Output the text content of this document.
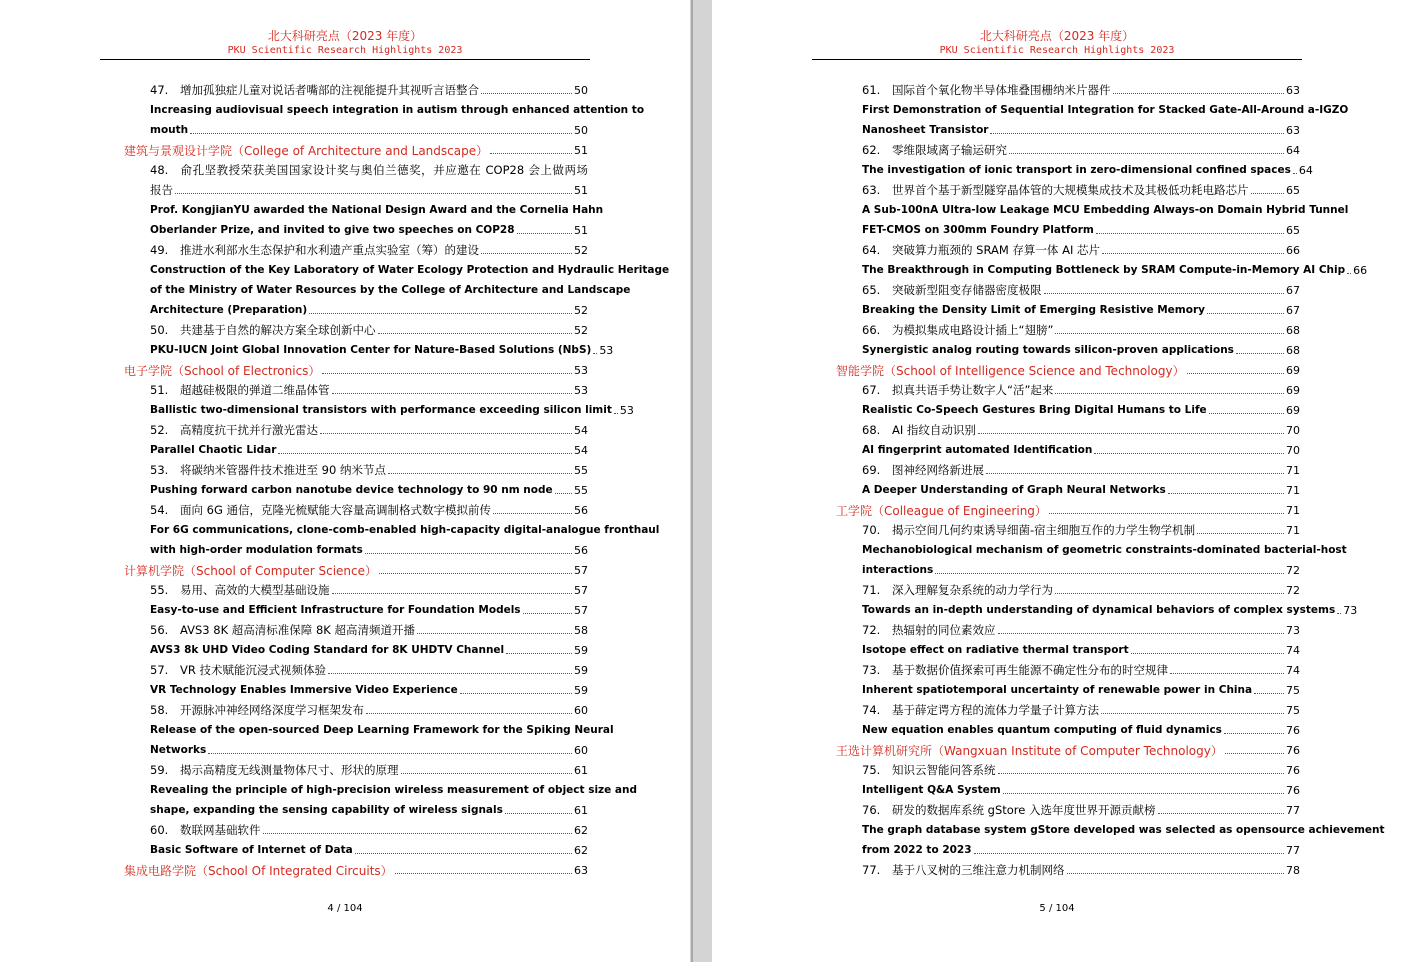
北大科研亮点（2023 年度）
PKU Scientific Research Highlights 2023
47. 增加孤独症儿童对说话者嘴部的注视能提升其视听言语整合	50
Increasing audiovisual speech integration in autism through enhanced attention to
mouth	50
建筑与景观设计学院（College of Architecture and Landscape）	51
48. 俞孔坚教授荣获美国国家设计奖与奥伯兰德奖，并应邀在 COP28 会上做两场
报告	51
Prof. KongjianYU awarded the National Design Award and the Cornelia Hahn
Oberlander Prize, and invited to give two speeches on COP28	51
49. 推进水利部水生态保护和水利遗产重点实验室（筹）的建设	52
Construction of the Key Laboratory of Water Ecology Protection and Hydraulic Heritage
of the Ministry of Water Resources by the College of Architecture and Landscape
Architecture (Preparation)	52
50. 共建基于自然的解决方案全球创新中心	52
PKU-IUCN Joint Global Innovation Center for Nature-Based Solutions (NbS) 53
电子学院（School of Electronics）	53
51. 超越硅极限的弹道二维晶体管	53
Ballistic two-dimensional transistors with performance exceeding silicon limit 53
52. 高精度抗干扰并行激光雷达	54
Parallel Chaotic Lidar	54
53. 将碳纳米管器件技术推进至 90 纳米节点	55
Pushing forward carbon nanotube device technology to 90 nm node 55
54. 面向 6G 通信，克隆光梳赋能大容量高调制格式数字模拟前传	56
For 6G communications, clone-comb-enabled high-capacity digital-analogue fronthaul
with high-order modulation formats	56
计算机学院（School of Computer Science）	57
55. 易用、高效的大模型基础设施	57
Easy-to-use and Efficient Infrastructure for Foundation Models	57
56. AVS3 8K 超高清标准保障 8K 超高清频道开播	58
AVS3 8k UHD Video Coding Standard for 8K UHDTV Channel	59
57. VR 技术赋能沉浸式视频体验	59
VR Technology Enables Immersive Video Experience	59
58. 开源脉冲神经网络深度学习框架发布	60
Release of the open-sourced Deep Learning Framework for the Spiking Neural
Networks	60
59. 揭示高精度无线测量物体尺寸、形状的原理	61
Revealing the principle of high-precision wireless measurement of object size and
shape, expanding the sensing capability of wireless signals	61
60. 数联网基础软件	62
Basic Software of Internet of Data	62
集成电路学院（School Of Integrated Circuits）	63
4 / 104
北大科研亮点（2023 年度）
PKU Scientific Research Highlights 2023
61. 国际首个氧化物半导体堆叠围栅纳米片器件	63
First Demonstration of Sequential Integration for Stacked Gate-All-Around a-IGZO
Nanosheet Transistor	63
62. 零维限域离子输运研究	64
The investigation of ionic transport in zero-dimensional confined spaces 64
63. 世界首个基于新型隧穿晶体管的大规模集成技术及其极低功耗电路芯片	65
A Sub-100nA Ultra-low Leakage MCU Embedding Always-on Domain Hybrid Tunnel
FET-CMOS on 300mm Foundry Platform	65
64. 突破算力瓶颈的 SRAM 存算一体 AI 芯片	66
The Breakthrough in Computing Bottleneck by SRAM Compute-in-Memory AI Chip 66
65. 突破新型阻变存储器密度极限	67
Breaking the Density Limit of Emerging Resistive Memory	67
66. 为模拟集成电路设计插上“翅膀”	68
Synergistic analog routing towards silicon-proven applications	68
智能学院（School of Intelligence Science and Technology）	69
67. 拟真共语手势让数字人“活”起来	69
Realistic Co-Speech Gestures Bring Digital Humans to Life	69
68. AI 指纹自动识别	70
AI fingerprint automated Identification	70
69. 图神经网络新进展	71
A Deeper Understanding of Graph Neural Networks	71
工学院（Colleague of Engineering）	71
70. 揭示空间几何约束诱导细菌-宿主细胞互作的力学生物学机制	71
Mechanobiological mechanism of geometric constraints-dominated bacterial-host
interactions	72
71. 深入理解复杂系统的动力学行为	72
Towards an in-depth understanding of dynamical behaviors of complex systems 73
72. 热辐射的同位素效应	73
Isotope effect on radiative thermal transport	74
73. 基于数据价值探索可再生能源不确定性分布的时空规律	74
Inherent spatiotemporal uncertainty of renewable power in China	75
74. 基于薛定谔方程的流体力学量子计算方法	75
New equation enables quantum computing of fluid dynamics	76
王选计算机研究所（Wangxuan Institute of Computer Technology）	76
75. 知识云智能问答系统	76
Intelligent Q&A System	76
76. 研发的数据库系统 gStore 入选年度世界开源贡献榜	77
The graph database system gStore developed was selected as opensource achievement
from 2022 to 2023	77
77. 基于八叉树的三维注意力机制网络	78
5 / 104
